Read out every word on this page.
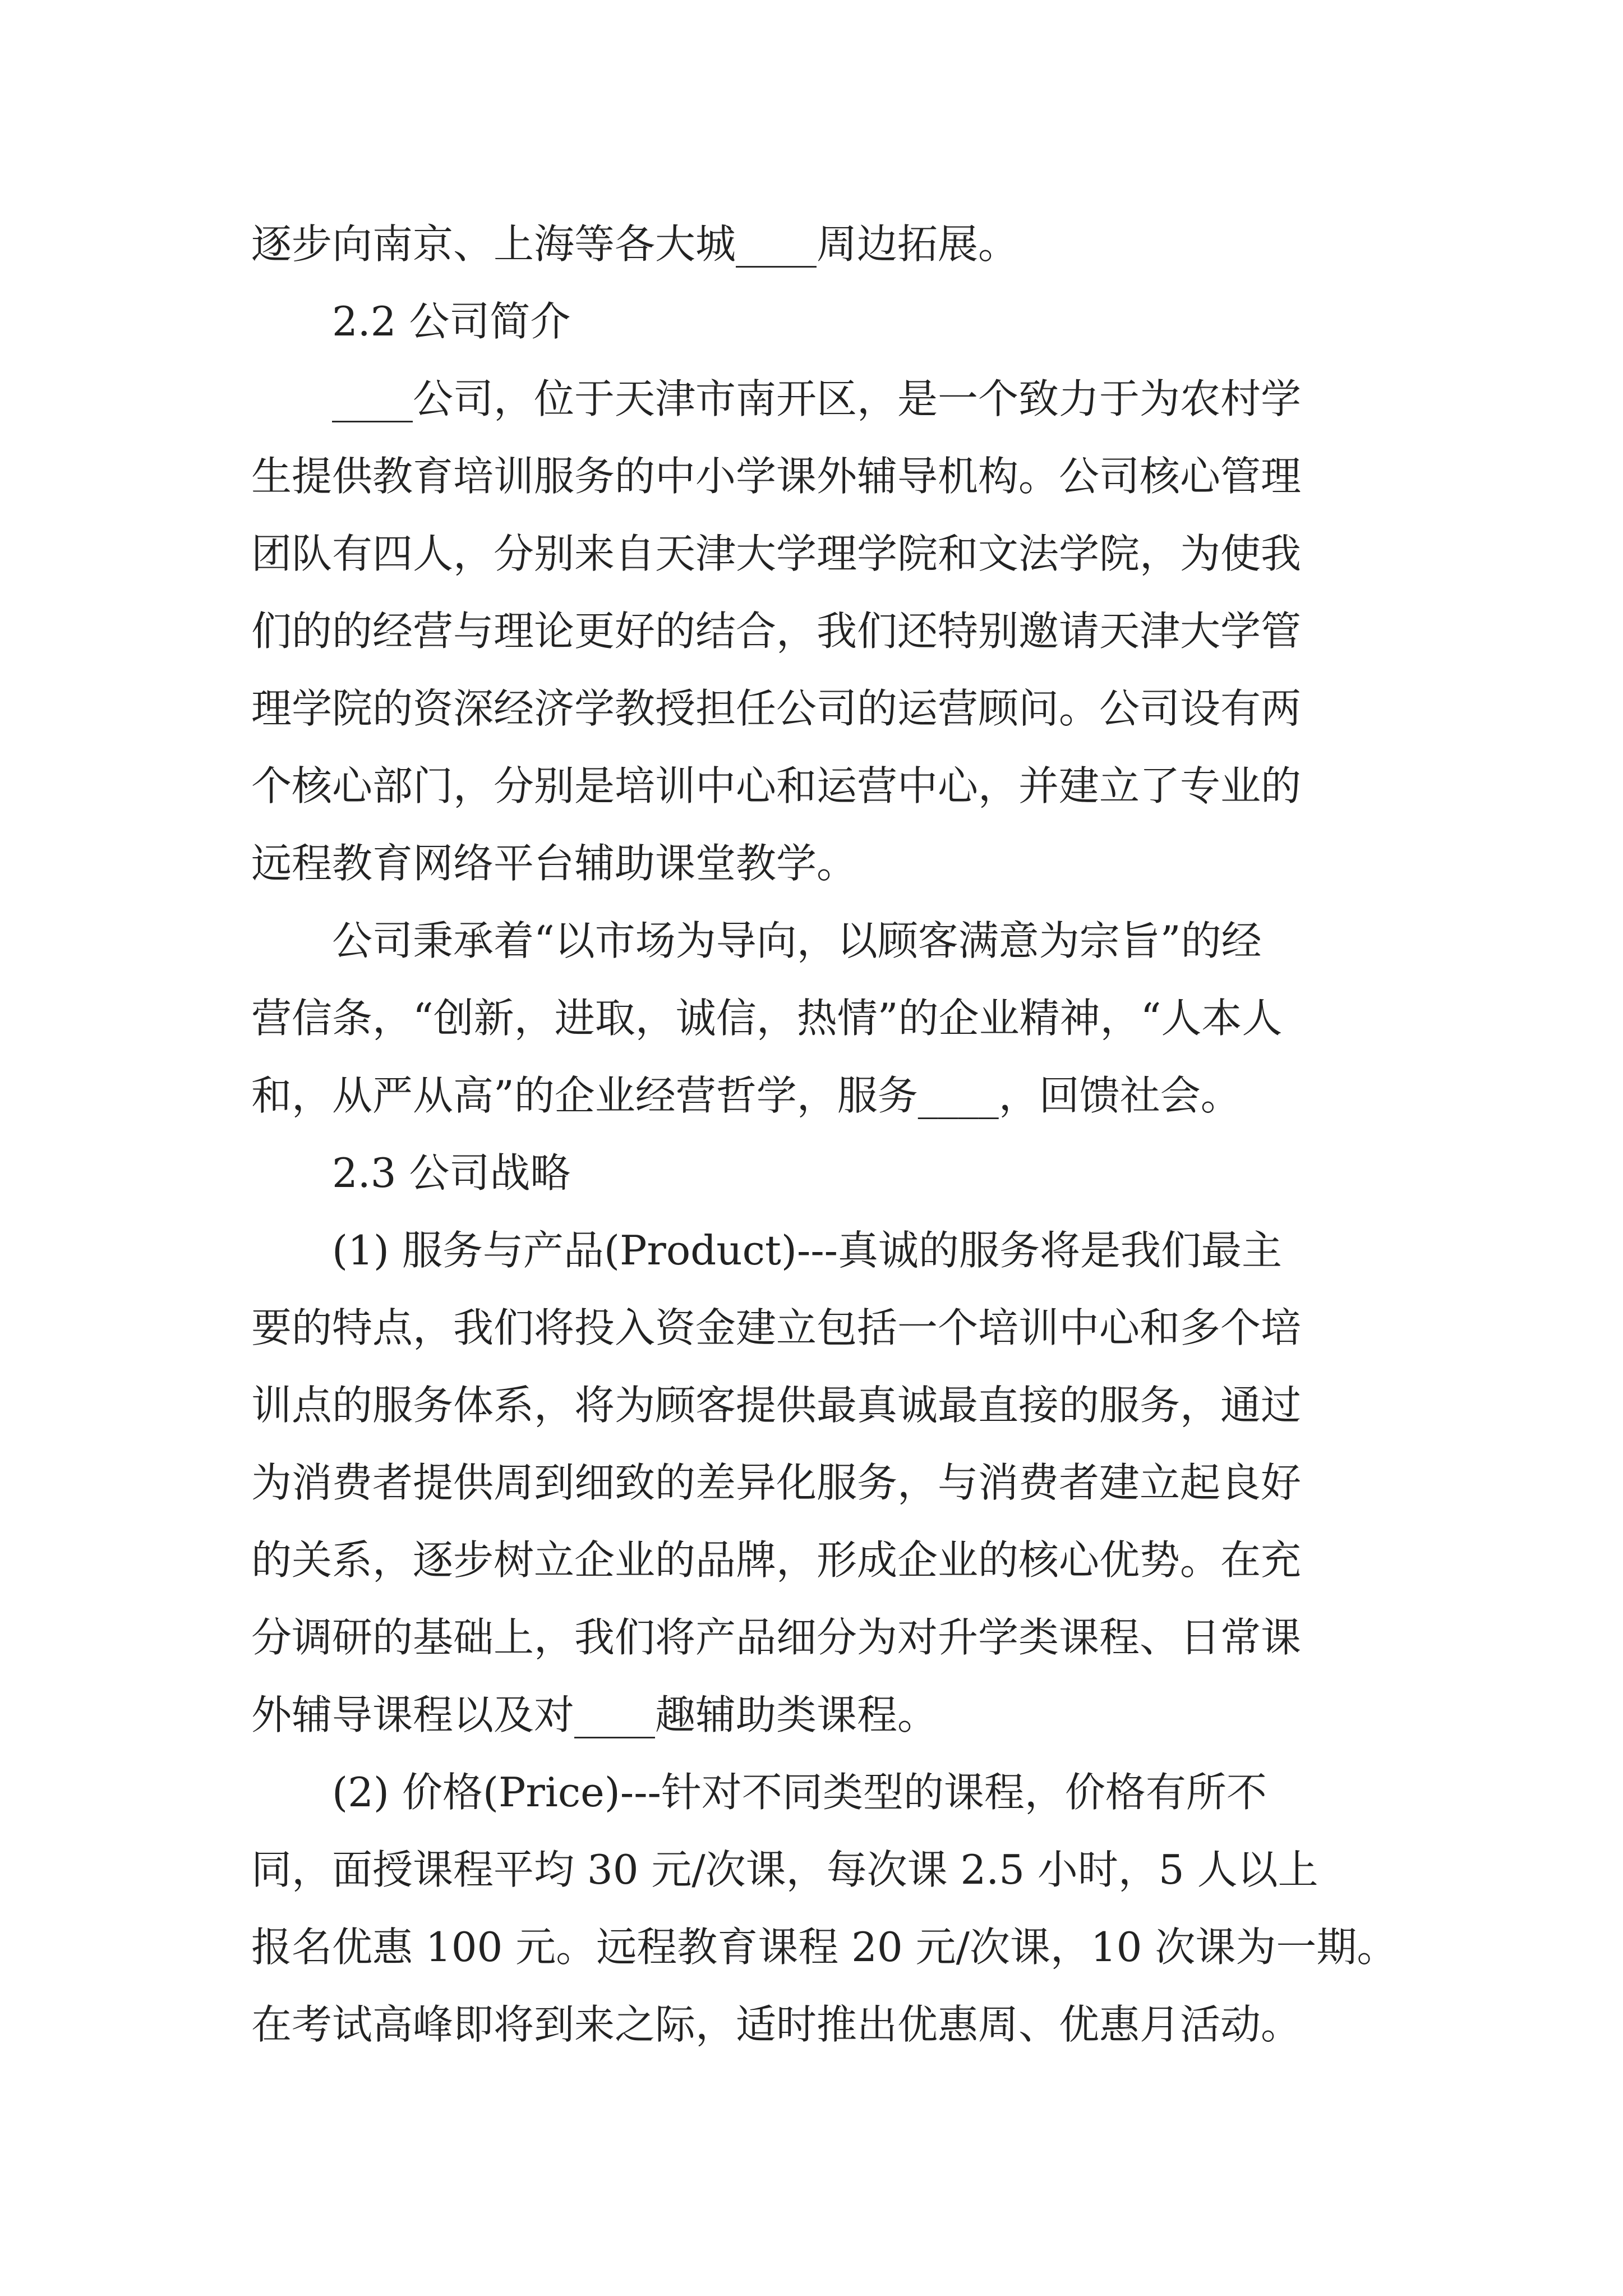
逐步向南京、上海等各大城____周边拓展。
2.2 公司简介
____公司，位于天津市南开区，是一个致力于为农村学
生提供教育培训服务的中小学课外辅导机构。公司核心管理
团队有四人，分别来自天津大学理学院和文法学院，为使我
们的的经营与理论更好的结合，我们还特别邀请天津大学管
理学院的资深经济学教授担任公司的运营顾问。公司设有两
个核心部门，分别是培训中心和运营中心，并建立了专业的
远程教育网络平台辅助课堂教学。
公司秉承着“以市场为导向，以顾客满意为宗旨”的经
营信条，“创新，进取，诚信，热情”的企业精神，“人本人
和，从严从高”的企业经营哲学，服务____，回馈社会。
2.3 公司战略
(1) 服务与产品(Product)---真诚的服务将是我们最主
要的特点，我们将投入资金建立包括一个培训中心和多个培
训点的服务体系，将为顾客提供最真诚最直接的服务，通过
为消费者提供周到细致的差异化服务，与消费者建立起良好
的关系，逐步树立企业的品牌，形成企业的核心优势。在充
分调研的基础上，我们将产品细分为对升学类课程、日常课
外辅导课程以及对____趣辅助类课程。
(2) 价格(Price)---针对不同类型的课程，价格有所不
同，面授课程平均 30 元/次课，每次课 2.5 小时，5 人以上
报名优惠 100 元。远程教育课程 20 元/次课，10 次课为一期。
在考试高峰即将到来之际，适时推出优惠周、优惠月活动。
